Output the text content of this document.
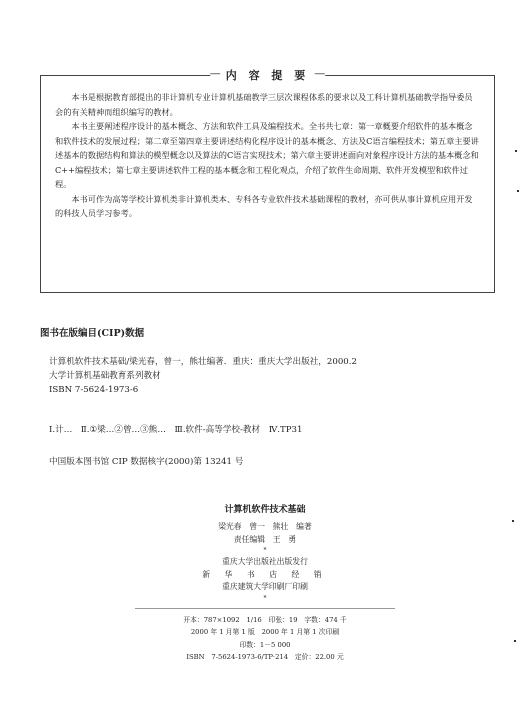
— 内 容 提 要 —

本书是根据教育部提出的非计算机专业计算机基础教学三层次课程体系的要求以及工科计算机基础教学指导委员会的有关精神而组织编写的教材。

本书主要阐述程序设计的基本概念、方法和软件工具及编程技术。全书共七章：第一章概要介绍软件的基本概念和软件技术的发展过程；第二章至第四章主要讲述结构化程序设计的基本概念、方法及C语言编程技术；第五章主要讲述基本的数据结构和算法的模型概念以及算法的C语言实现技术；第六章主要讲述面向对象程序设计方法的基本概念和C++编程技术；第七章主要讲述软件工程的基本概念和工程化观点，介绍了软件生命周期、软件开发模型和软件过程。

本书可作为高等学校计算机类非计算机类本、专科各专业软件技术基础课程的教材，亦可供从事计算机应用开发的科技人员学习参考。

图书在版编目(CIP)数据

计算机软件技术基础/梁光春，曾一，熊壮编著．重庆：重庆大学出版社，2000.2
大学计算机基础教育系列教材
ISBN 7-5624-1973-6
Ⅰ.计…　Ⅱ.①梁…②曾…③熊…　Ⅲ.软件-高等学校-教材　Ⅳ.TP31
中国版本图书馆 CIP 数据核字(2000)第 13241 号
计算机软件技术基础
梁光春　曾一　熊壮　编著
责任编辑　王　勇
*
重庆大学出版社出版发行
新 华 书 店 经 销
重庆建筑大学印刷厂印刷
*
开本：787×1092　1/16　印张：19　字数：474 千
2000 年 1 月第 1 版　2000 年 1 月第 1 次印刷
印数：1－5 000
ISBN　7-5624-1973-6/TP·214　定价：22.00 元
